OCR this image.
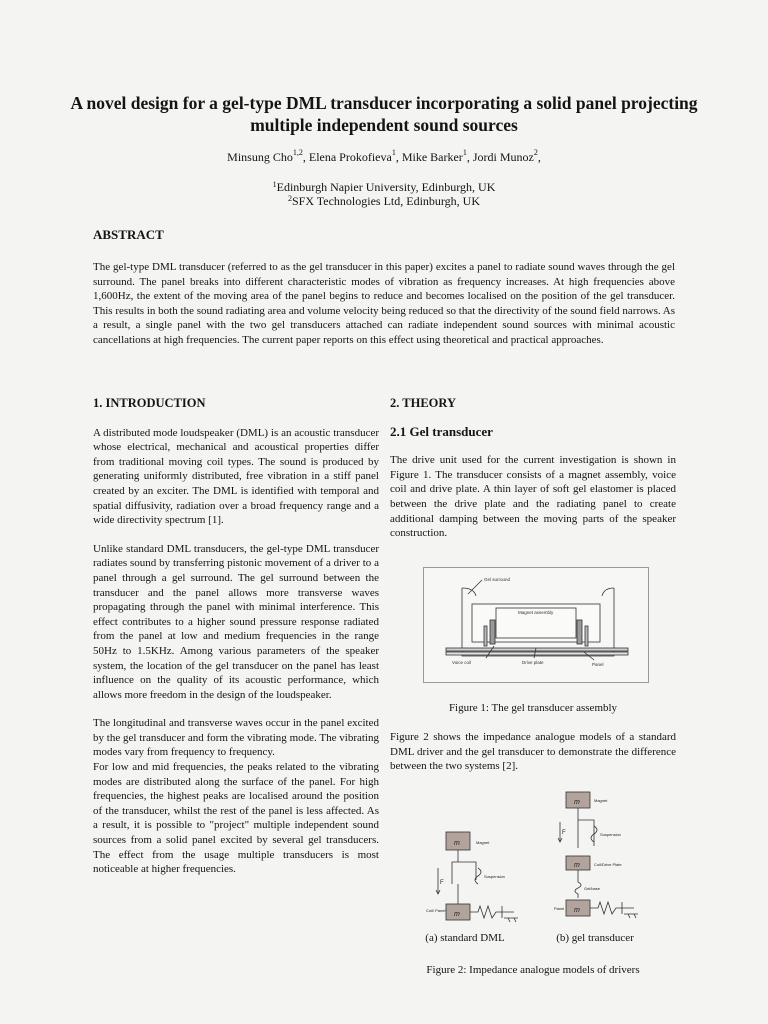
A novel design for a gel-type DML transducer incorporating a solid panel projecting multiple independent sound sources
Minsung Cho$^{1,2}$, Elena Prokofieva$^1$, Mike Barker$^1$, Jordi Munoz$^2$,
$^1$Edinburgh Napier University, Edinburgh, UK
$^2$SFX Technologies Ltd, Edinburgh, UK
ABSTRACT

The gel-type DML transducer (referred to as the gel transducer in this paper) excites a panel to radiate sound waves through the gel surround. The panel breaks into different characteristic modes of vibration as frequency increases. At high frequencies above 1,600Hz, the extent of the moving area of the panel begins to reduce and becomes localised on the position of the gel transducer. This results in both the sound radiating area and volume velocity being reduced so that the directivity of the sound field narrows. As a result, a single panel with the two gel transducers attached can radiate independent sound sources with minimal acoustic cancellations at high frequencies. The current paper reports on this effect using theoretical and practical approaches.

1. INTRODUCTION

A distributed mode loudspeaker (DML) is an acoustic transducer whose electrical, mechanical and acoustical properties differ from traditional moving coil types. The sound is produced by generating uniformly distributed, free vibration in a stiff panel created by an exciter. The DML is identified with temporal and spatial diffusivity, radiation over a broad frequency range and a wide directivity spectrum [1].

Unlike standard DML transducers, the gel-type DML transducer radiates sound by transferring pistonic movement of a driver to a panel through a gel surround. The gel surround between the transducer and the panel allows more transverse waves propagating through the panel with minimal interference. This effect contributes to a higher sound pressure response radiated from the panel at low and medium frequencies in the range 50Hz to 1.5KHz. Among various parameters of the speaker system, the location of the gel transducer on the panel has least influence on the quality of its acoustic performance, which allows more freedom in the design of the loudspeaker.

The longitudinal and transverse waves occur in the panel excited by the gel transducer and form the vibrating mode. The vibrating modes vary from frequency to frequency.

For low and mid frequencies, the peaks related to the vibrating modes are distributed along the surface of the panel. For high frequencies, the highest peaks are localised around the position of the transducer, whilst the rest of the panel is less affected. As a result, it is possible to "project" multiple independent sound sources from a solid panel excited by several gel transducers. The effect from the usage multiple transducers is most noticeable at higher frequencies.

2. THEORY
2.1 Gel transducer

The drive unit used for the current investigation is shown in Figure 1. The transducer consists of a magnet assembly, voice coil and drive plate. A thin layer of soft gel elastomer is placed between the drive plate and the radiating panel to create additional damping between the moving parts of the speaker construction.

Gel surround
Magnet assembly
Voice coil	Drive plate	Panel

Figure 1: The gel transducer assembly

Figure 2 shows the impedance analogue models of a standard DML driver and the gel transducer to demonstrate the difference between the two systems [2].

m
m
m
m
m
Magnet
Suspension
F
Coil/ Panel
Magnet
Suspension
F
Coil/Drive Plate
Gel/base
Panel

(a) standard DML	(b) gel transducer

Figure 2: Impedance analogue models of drivers
